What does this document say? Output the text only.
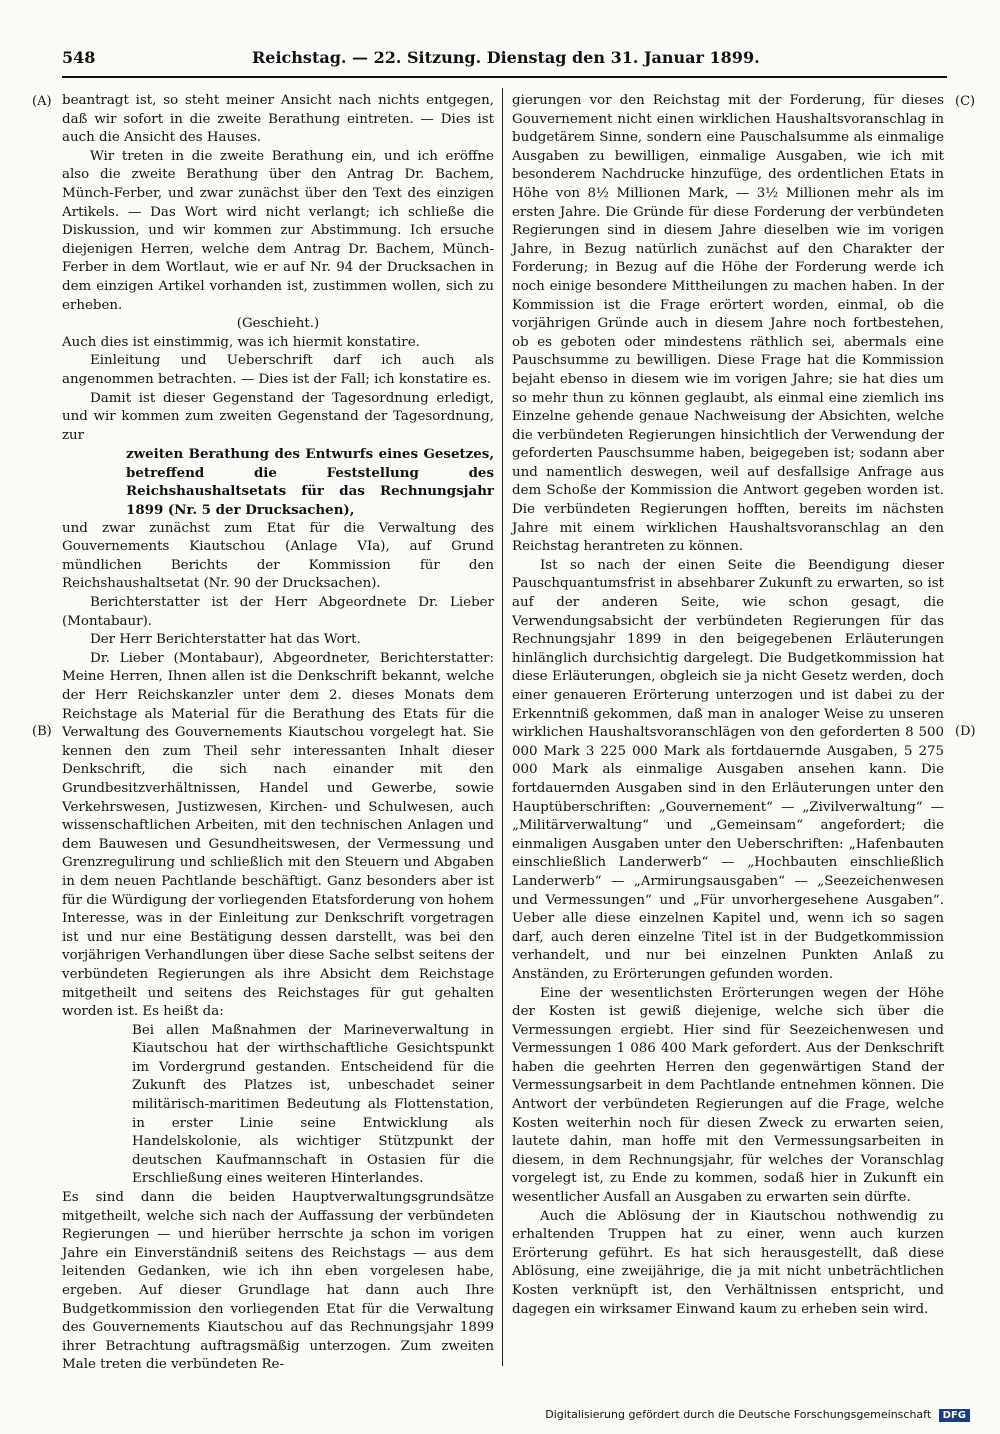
548	Reichstag. — 22. Sitzung. Dienstag den 31. Januar 1899.
(A)
(B)
(C)
(D)

beantragt ist, so steht meiner Ansicht nach nichts entgegen, daß wir sofort in die zweite Berathung eintreten. — Dies ist auch die Ansicht des Hauses.

Wir treten in die zweite Berathung ein, und ich eröffne also die zweite Berathung über den Antrag Dr. Bachem, Münch-Ferber, und zwar zunächst über den Text des einzigen Artikels. — Das Wort wird nicht verlangt; ich schließe die Diskussion, und wir kommen zur Abstimmung. Ich ersuche diejenigen Herren, welche dem Antrag Dr. Bachem, Münch-Ferber in dem Wortlaut, wie er auf Nr. 94 der Drucksachen in dem einzigen Artikel vorhanden ist, zustimmen wollen, sich zu erheben.

(Geschieht.)

Auch dies ist einstimmig, was ich hiermit konstatire.

Einleitung und Ueberschrift darf ich auch als angenommen betrachten. — Dies ist der Fall; ich konstatire es.

Damit ist dieser Gegenstand der Tagesordnung erledigt, und wir kommen zum zweiten Gegenstand der Tagesordnung, zur

zweiten Berathung des Entwurfs eines Gesetzes, betreffend die Feststellung des Reichshaushaltsetats für das Rechnungsjahr 1899 (Nr. 5 der Drucksachen),

und zwar zunächst zum Etat für die Verwaltung des Gouvernements Kiautschou (Anlage VIa), auf Grund mündlichen Berichts der Kommission für den Reichshaushaltsetat (Nr. 90 der Drucksachen).

Berichterstatter ist der Herr Abgeordnete Dr. Lieber (Montabaur).

Der Herr Berichterstatter hat das Wort.

Dr. Lieber (Montabaur), Abgeordneter, Berichterstatter: Meine Herren, Ihnen allen ist die Denkschrift bekannt, welche der Herr Reichskanzler unter dem 2. dieses Monats dem Reichstage als Material für die Berathung des Etats für die Verwaltung des Gouvernements Kiautschou vorgelegt hat. Sie kennen den zum Theil sehr interessanten Inhalt dieser Denkschrift, die sich nach einander mit den Grundbesitzverhältnissen, Handel und Gewerbe, sowie Verkehrswesen, Justizwesen, Kirchen- und Schulwesen, auch wissenschaftlichen Arbeiten, mit den technischen Anlagen und dem Bauwesen und Gesundheitswesen, der Vermessung und Grenzregulirung und schließlich mit den Steuern und Abgaben in dem neuen Pachtlande beschäftigt. Ganz besonders aber ist für die Würdigung der vorliegenden Etatsforderung von hohem Interesse, was in der Einleitung zur Denkschrift vorgetragen ist und nur eine Bestätigung dessen darstellt, was bei den vorjährigen Verhandlungen über diese Sache selbst seitens der verbündeten Regierungen als ihre Absicht dem Reichstage mitgetheilt und seitens des Reichstages für gut gehalten worden ist. Es heißt da:

Bei allen Maßnahmen der Marineverwaltung in Kiautschou hat der wirthschaftliche Gesichtspunkt im Vordergrund gestanden. Entscheidend für die Zukunft des Platzes ist, unbeschadet seiner militärisch-maritimen Bedeutung als Flottenstation, in erster Linie seine Entwicklung als Handelskolonie, als wichtiger Stützpunkt der deutschen Kaufmannschaft in Ostasien für die Erschließung eines weiteren Hinterlandes.

Es sind dann die beiden Hauptverwaltungsgrundsätze mitgetheilt, welche sich nach der Auffassung der verbündeten Regierungen — und hierüber herrschte ja schon im vorigen Jahre ein Einverständniß seitens des Reichstags — aus dem leitenden Gedanken, wie ich ihn eben vorgelesen habe, ergeben. Auf dieser Grundlage hat dann auch Ihre Budgetkommission den vorliegenden Etat für die Verwaltung des Gouvernements Kiautschou auf das Rechnungsjahr 1899 ihrer Betrachtung auftragsmäßig unterzogen. Zum zweiten Male treten die verbündeten Re-

gierungen vor den Reichstag mit der Forderung, für dieses Gouvernement nicht einen wirklichen Haushaltsvoranschlag in budgetärem Sinne, sondern eine Pauschalsumme als einmalige Ausgaben zu bewilligen, einmalige Ausgaben, wie ich mit besonderem Nachdrucke hinzufüge, des ordentlichen Etats in Höhe von 8½ Millionen Mark, — 3½ Millionen mehr als im ersten Jahre. Die Gründe für diese Forderung der verbündeten Regierungen sind in diesem Jahre dieselben wie im vorigen Jahre, in Bezug natürlich zunächst auf den Charakter der Forderung; in Bezug auf die Höhe der Forderung werde ich noch einige besondere Mittheilungen zu machen haben. In der Kommission ist die Frage erörtert worden, einmal, ob die vorjährigen Gründe auch in diesem Jahre noch fortbestehen, ob es geboten oder mindestens räthlich sei, abermals eine Pauschsumme zu bewilligen. Diese Frage hat die Kommission bejaht ebenso in diesem wie im vorigen Jahre; sie hat dies um so mehr thun zu können geglaubt, als einmal eine ziemlich ins Einzelne gehende genaue Nachweisung der Absichten, welche die verbündeten Regierungen hinsichtlich der Verwendung der geforderten Pauschsumme haben, beigegeben ist; sodann aber und namentlich deswegen, weil auf desfallsige Anfrage aus dem Schoße der Kommission die Antwort gegeben worden ist. Die verbündeten Regierungen hofften, bereits im nächsten Jahre mit einem wirklichen Haushaltsvoranschlag an den Reichstag herantreten zu können.

Ist so nach der einen Seite die Beendigung dieser Pauschquantumsfrist in absehbarer Zukunft zu erwarten, so ist auf der anderen Seite, wie schon gesagt, die Verwendungsabsicht der verbündeten Regierungen für das Rechnungsjahr 1899 in den beigegebenen Erläuterungen hinlänglich durchsichtig dargelegt. Die Budgetkommission hat diese Erläuterungen, obgleich sie ja nicht Gesetz werden, doch einer genaueren Erörterung unterzogen und ist dabei zu der Erkenntniß gekommen, daß man in analoger Weise zu unseren wirklichen Haushaltsvoranschlägen von den geforderten 8 500 000 Mark 3 225 000 Mark als fortdauernde Ausgaben, 5 275 000 Mark als einmalige Ausgaben ansehen kann. Die fortdauernden Ausgaben sind in den Erläuterungen unter den Hauptüberschriften: „Gouvernement“ — „Zivilverwaltung“ — „Militärverwaltung“ und „Gemeinsam“ angefordert; die einmaligen Ausgaben unter den Ueberschriften: „Hafenbauten einschließlich Landerwerb“ — „Hochbauten einschließlich Landerwerb“ — „Armirungsausgaben“ — „Seezeichenwesen und Vermessungen“ und „Für unvorhergesehene Ausgaben“. Ueber alle diese einzelnen Kapitel und, wenn ich so sagen darf, auch deren einzelne Titel ist in der Budgetkommission verhandelt, und nur bei einzelnen Punkten Anlaß zu Anständen, zu Erörterungen gefunden worden.

Eine der wesentlichsten Erörterungen wegen der Höhe der Kosten ist gewiß diejenige, welche sich über die Vermessungen ergiebt. Hier sind für Seezeichenwesen und Vermessungen 1 086 400 Mark gefordert. Aus der Denkschrift haben die geehrten Herren den gegenwärtigen Stand der Vermessungsarbeit in dem Pachtlande entnehmen können. Die Antwort der verbündeten Regierungen auf die Frage, welche Kosten weiterhin noch für diesen Zweck zu erwarten seien, lautete dahin, man hoffe mit den Vermessungsarbeiten in diesem, in dem Rechnungsjahr, für welches der Voranschlag vorgelegt ist, zu Ende zu kommen, sodaß hier in Zukunft ein wesentlicher Ausfall an Ausgaben zu erwarten sein dürfte.

Auch die Ablösung der in Kiautschou nothwendig zu erhaltenden Truppen hat zu einer, wenn auch kurzen Erörterung geführt. Es hat sich herausgestellt, daß diese Ablösung, eine zweijährige, die ja mit nicht unbeträchtlichen Kosten verknüpft ist, den Verhältnissen entspricht, und dagegen ein wirksamer Einwand kaum zu erheben sein wird.

Digitalisierung gefördert durch die Deutsche Forschungsgemeinschaft DFG
